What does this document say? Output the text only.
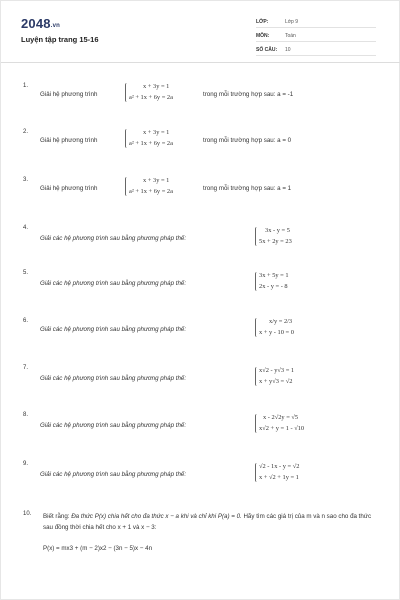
2048.vn
Luyện tập trang 15-16
LỚP:	Lớp 9
MÔN:	Toán
SỐ CÂU: 10
1.
Giải hệ phương trình
x + 3y = 1
a² + 1x + 6y = 2a	trong mỗi trường hợp sau: a = -1
2.
Giải hệ phương trình
x + 3y = 1
a² + 1x + 6y = 2a	trong mỗi trường hợp sau: a = 0
3.
Giải hệ phương trình
x + 3y = 1
a² + 1x + 6y = 2a	trong mỗi trường hợp sau: a = 1
4.
Giải các hệ phương trình sau bằng phương pháp thế:
3x - y = 5
5x + 2y = 23
5.
Giải các hệ phương trình sau bằng phương pháp thế:
3x + 5y = 1
2x - y = - 8
6.
Giải các hệ phương trình sau bằng phương pháp thế:
x/y = 2/3
x + y - 10 = 0
7.
Giải các hệ phương trình sau bằng phương pháp thế:
x√2 - y√3 = 1
x + y√3 = √2
8.
Giải các hệ phương trình sau bằng phương pháp thế:
x - 2√2y = √5
x√2 + y = 1 - √10
9.
Giải các hệ phương trình sau bằng phương pháp thế:
√2 - 1x - y = √2
x + √2 + 1y = 1
10. Biết rằng: Đa thức P(x) chia hết cho đa thức x − a khi và chỉ khi P(a) = 0. Hãy tìm các giá trị của m và n sao cho đa thức sau đồng thời chia hết cho x + 1 và x − 3:
P(x) = mx3 + (m − 2)x2 − (3n − 5)x − 4n
